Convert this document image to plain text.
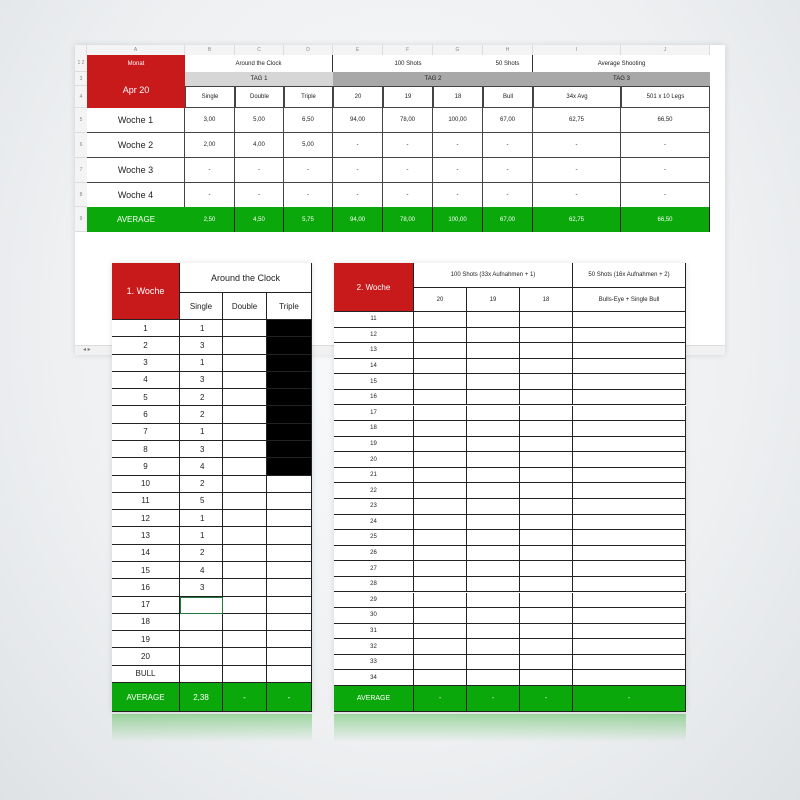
A	B	C	D	E	F	G	H	I	J
1 2
3
4
5
6
7
8
9
Monat
Apr 20
Around the Clock	100 Shots	50 Shots	Average Shooting
TAG 1	TAG 2	TAG 3
Single	Double	Triple	20	19	18	Bull	34x Avg	501 x 10 Legs
Woche 1	3,00	5,00	6,50	94,00	78,00	100,00	67,00	62,75	66,50
Woche 2	2,00	4,00	5,00	-	-	-	-	-	-
Woche 3	-	-	-	-	-	-	-	-	-
Woche 4	-	-	-	-	-	-	-	-	-
AVERAGE	2,50	4,50	5,75	94,00	78,00	100,00	67,00	62,75	66,50
◂ ▸
1. Woche
Around the Clock
Single	Double	Triple
1	1
2	3
3	1
4	3
5	2
6	2
7	1
8	3
9	4
10	2
11	5
12	1
13	1
14	2
15	4
16	3
17
18
19
20
BULL
AVERAGE	2,38	-	-
2. Woche
100 Shots (33x Aufnahmen + 1)	50 Shots (16x Aufnahmen + 2)
20	19	18	Bulls-Eye + Single Bull
11
12
13
14
15
16
17
18
19
20
21
22
23
24
25
26
27
28
29
30
31
32
33
34
AVERAGE	-	-	-	-
